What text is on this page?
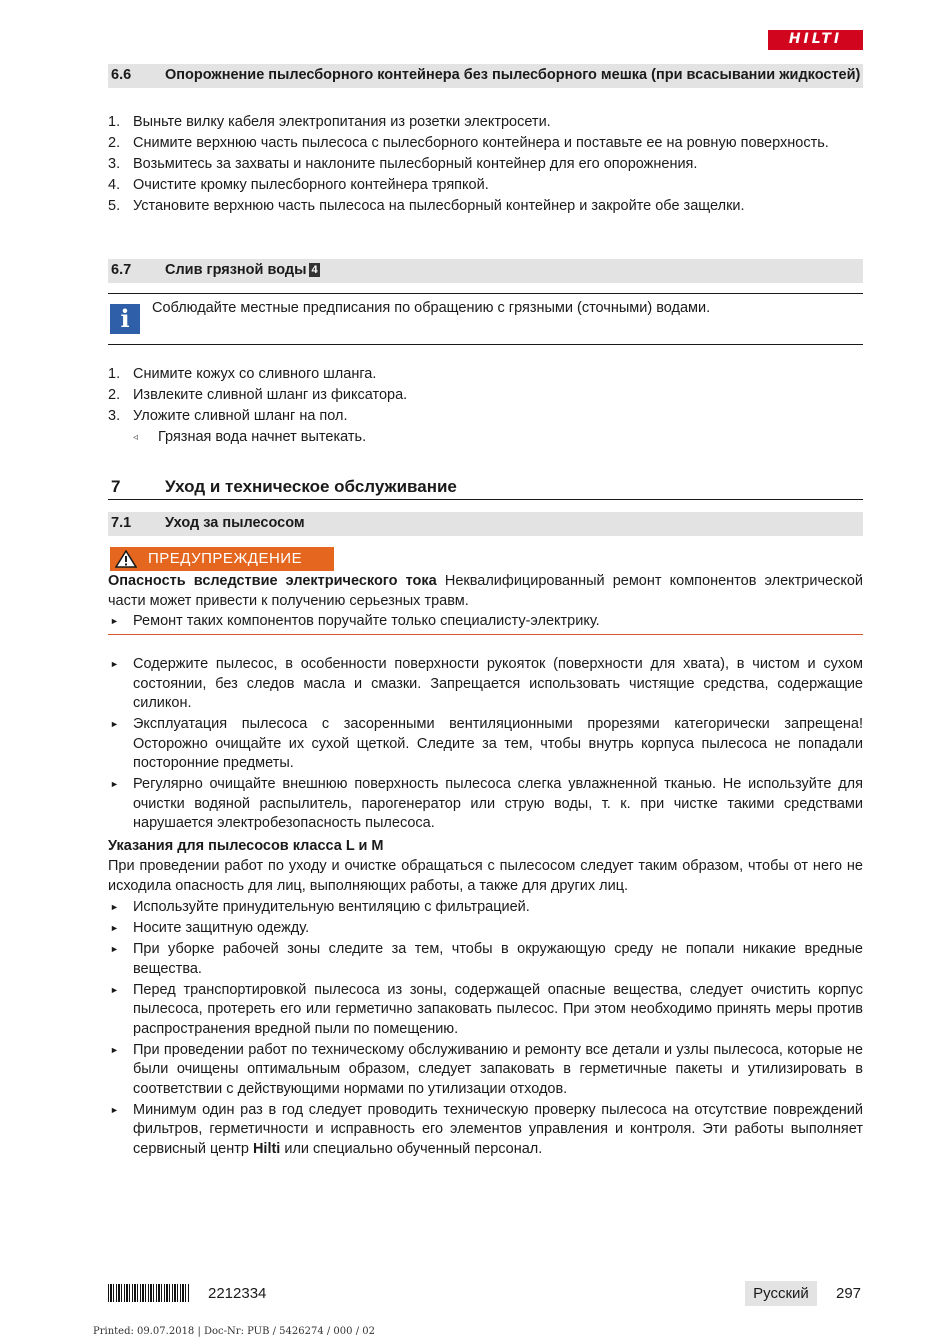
HILTI
6.6 Опорожнение пылесборного контейнера без пылесборного мешка (при всасывании жидкостей)
1. Выньте вилку кабеля электропитания из розетки электросети.
2. Снимите верхнюю часть пылесоса с пылесборного контейнера и поставьте ее на ровную поверхность.
3. Возьмитесь за захваты и наклоните пылесборный контейнер для его опорожнения.
4. Очистите кромку пылесборного контейнера тряпкой.
5. Установите верхнюю часть пылесоса на пылесборный контейнер и закройте обе защелки.
6.7 Слив грязной воды 4
i	Соблюдайте местные предписания по обращению с грязными (сточными) водами.
1. Снимите кожух со сливного шланга.
2. Извлеките сливной шланг из фиксатора.
3. Уложите сливной шланг на пол.
◃ Грязная вода начнет вытекать.
7	Уход и техническое обслуживание
7.1 Уход за пылесосом
ПРЕДУПРЕЖДЕНИЕ
Опасность вследствие электрического тока Неквалифицированный ремонт компонентов электрической части может привести к получению серьезных травм.
► Ремонт таких компонентов поручайте только специалисту-электрику.
► Содержите пылесос, в особенности поверхности рукояток (поверхности для хвата), в чистом и сухом состоянии, без следов масла и смазки. Запрещается использовать чистящие средства, содержащие силикон.
► Эксплуатация пылесоса с засоренными вентиляционными прорезями категорически запрещена! Осторожно очищайте их сухой щеткой. Следите за тем, чтобы внутрь корпуса пылесоса не попадали посторонние предметы.
► Регулярно очищайте внешнюю поверхность пылесоса слегка увлажненной тканью. Не используйте для очистки водяной распылитель, парогенератор или струю воды, т. к. при чистке такими средствами нарушается электробезопасность пылесоса.
Указания для пылесосов класса L и M
При проведении работ по уходу и очистке обращаться с пылесосом следует таким образом, чтобы от него не исходила опасность для лиц, выполняющих работы, а также для других лиц.
► Используйте принудительную вентиляцию с фильтрацией.
► Носите защитную одежду.
► При уборке рабочей зоны следите за тем, чтобы в окружающую среду не попали никакие вредные вещества.
► Перед транспортировкой пылесоса из зоны, содержащей опасные вещества, следует очистить корпус пылесоса, протереть его или герметично запаковать пылесос. При этом необходимо принять меры против распространения вредной пыли по помещению.
► При проведении работ по техническому обслуживанию и ремонту все детали и узлы пылесоса, которые не были очищены оптимальным образом, следует запаковать в герметичные пакеты и утилизировать в соответствии с действующими нормами по утилизации отходов.
► Минимум один раз в год следует проводить техническую проверку пылесоса на отсутствие повреждений фильтров, герметичности и исправность его элементов управления и контроля. Эти работы выполняет сервисный центр Hilti или специально обученный персонал.
2212334	Русский	297
Printed: 09.07.2018 | Doc-Nr: PUB / 5426274 / 000 / 02
